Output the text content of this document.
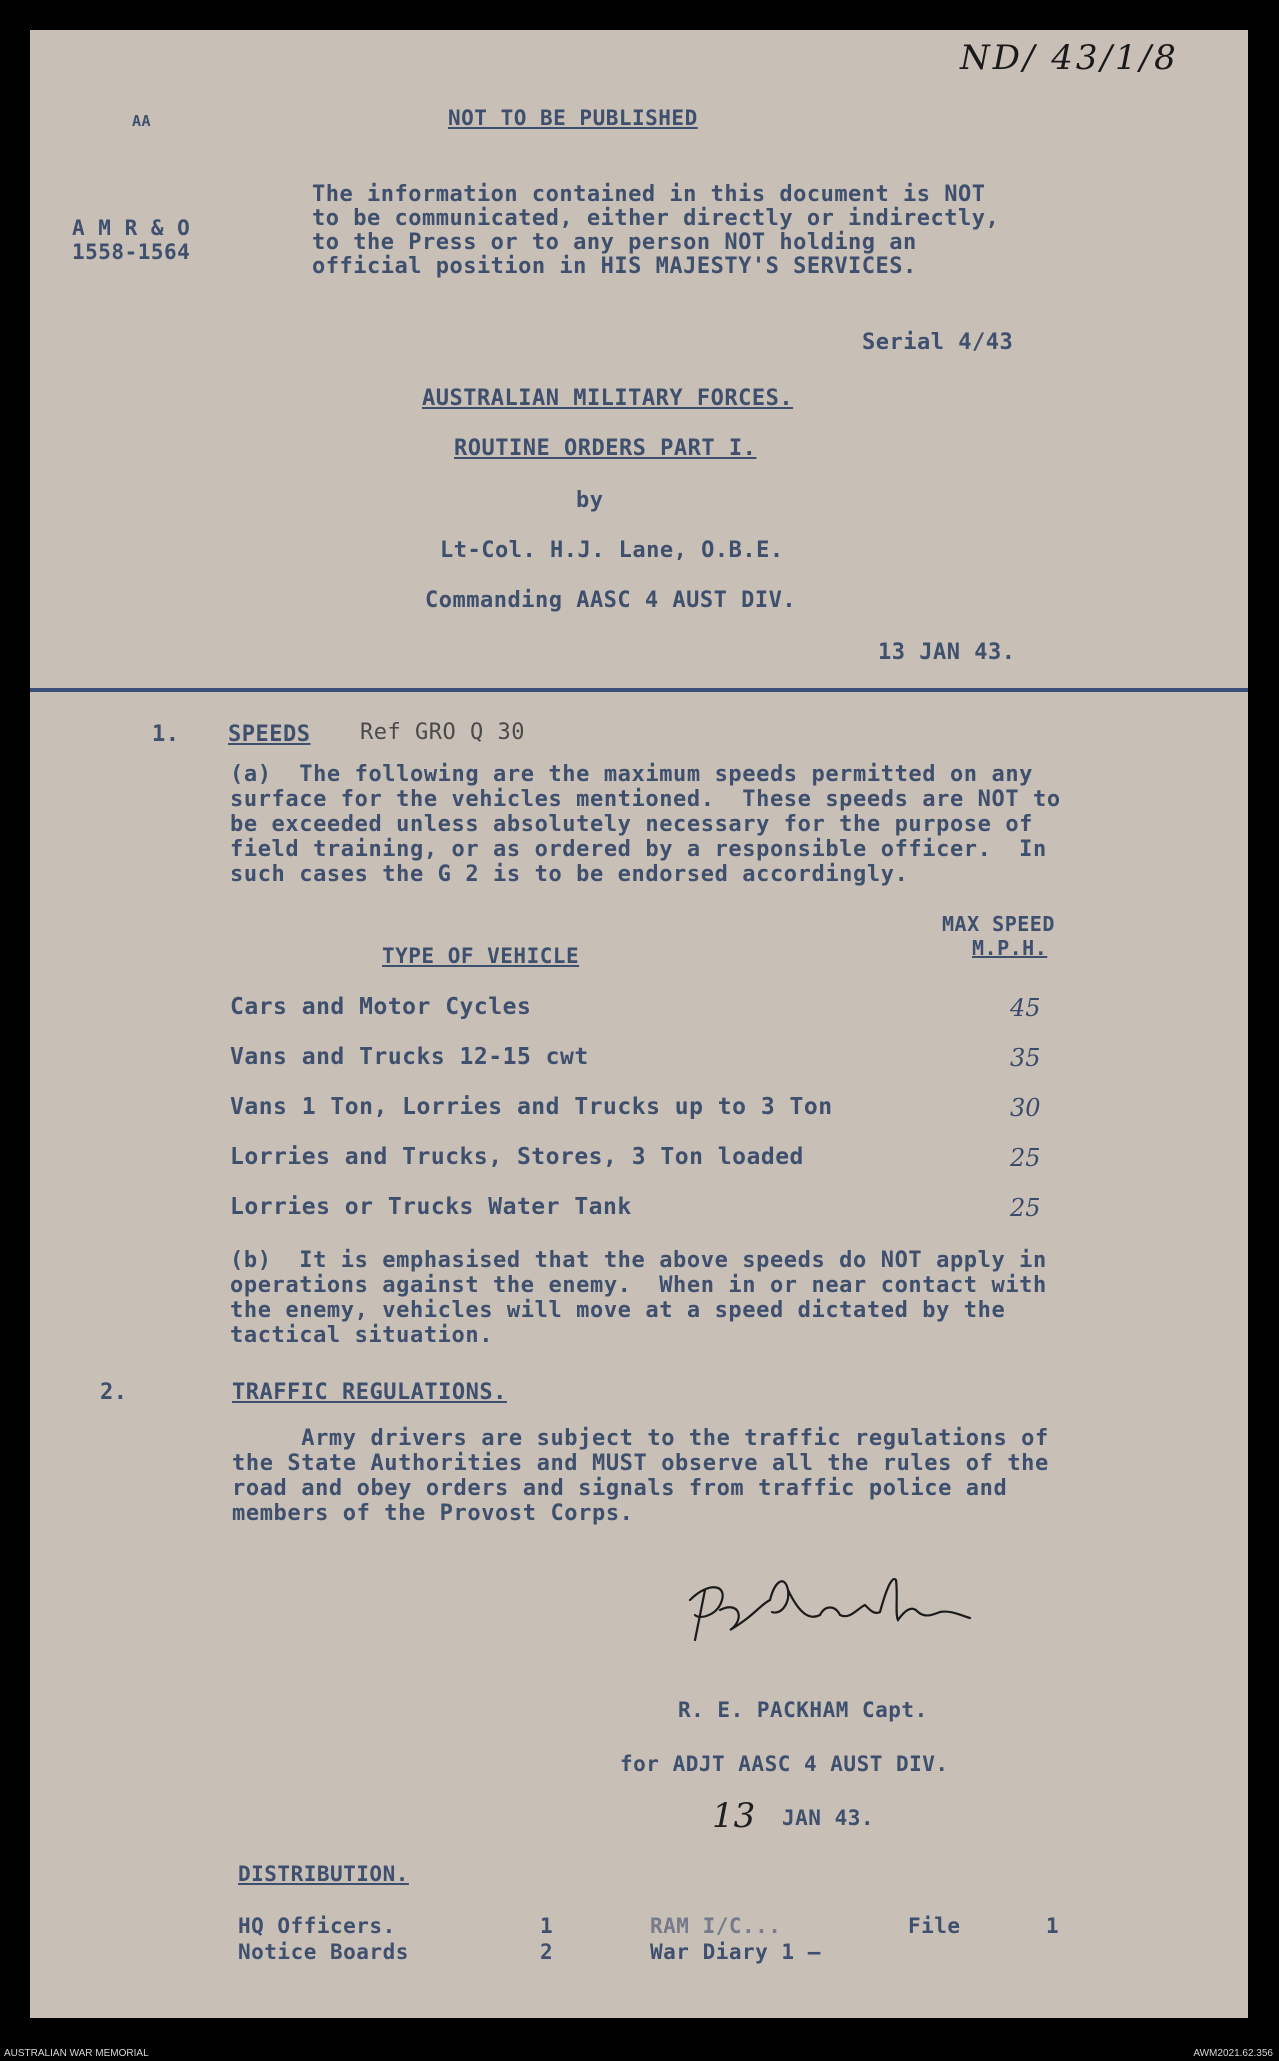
ND/ 43/1/8
AA
A M R & O
1558-1564
NOT TO BE PUBLISHED
The information contained in this document is NOT
to be communicated, either directly or indirectly,
to the Press or to any person NOT holding an
official position in HIS MAJESTY'S SERVICES.
Serial 4/43
AUSTRALIAN MILITARY FORCES.
ROUTINE ORDERS PART I.
by
Lt-Col. H.J. Lane, O.B.E.
Commanding AASC 4 AUST DIV.
13 JAN 43.
1. SPEEDS Ref GRO Q 30
(a)  The following are the maximum speeds permitted on any
surface for the vehicles mentioned.  These speeds are NOT to
be exceeded unless absolutely necessary for the purpose of
field training, or as ordered by a responsible officer.  In
such cases the G 2 is to be endorsed accordingly.
TYPE OF VEHICLE
MAX SPEED
M.P.H.
Cars and Motor Cycles	45
Vans and Trucks 12-15 cwt	35
Vans 1 Ton, Lorries and Trucks up to 3 Ton	30
Lorries and Trucks, Stores, 3 Ton loaded	25
Lorries or Trucks Water Tank	25
(b)  It is emphasised that the above speeds do NOT apply in
operations against the enemy.  When in or near contact with
the enemy, vehicles will move at a speed dictated by the
tactical situation.
2.	TRAFFIC REGULATIONS.
Army drivers are subject to the traffic regulations of
the State Authorities and MUST observe all the rules of the
road and obey orders and signals from traffic police and
members of the Provost Corps.
R. E. PACKHAM Capt.
for ADJT AASC 4 AUST DIV.
13 JAN 43.
DISTRIBUTION.
HQ Officers.	1	RAM I/C...	File	1
Notice Boards	2	War Diary 1 —
AUSTRALIAN WAR MEMORIAL	AWM2021.62.356
